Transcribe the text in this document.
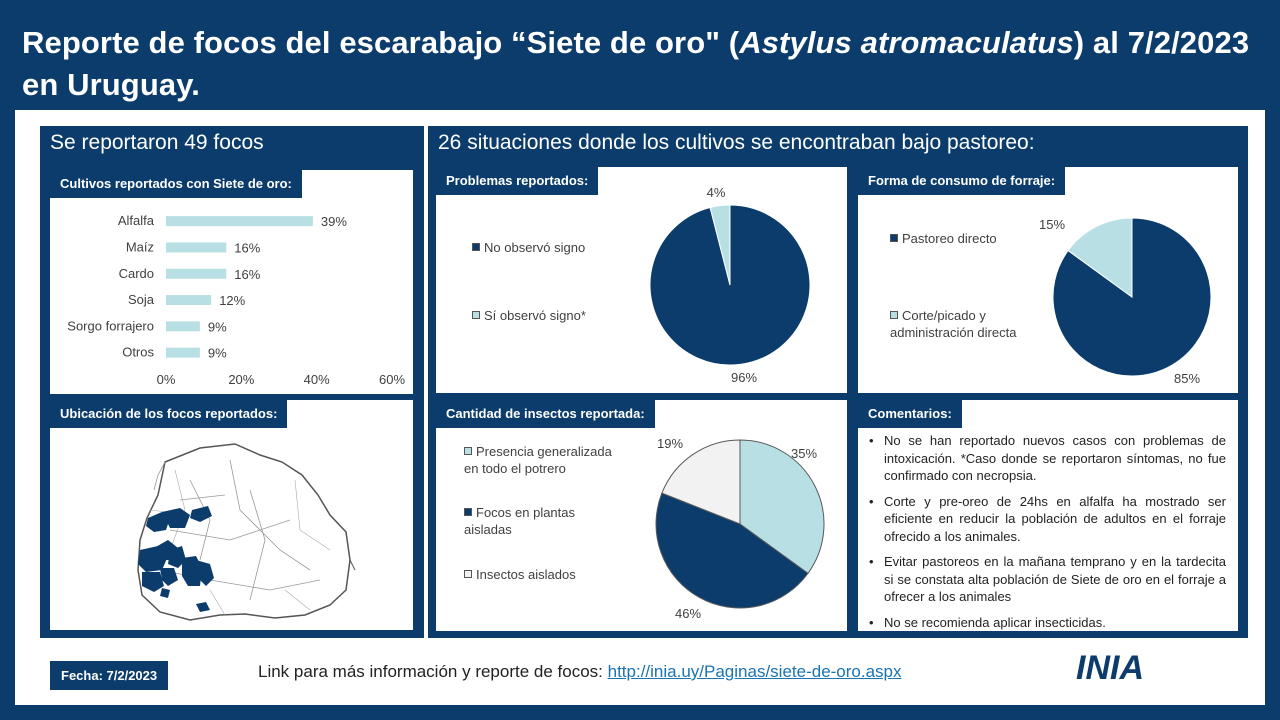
Reporte de focos del escarabajo “Siete de oro" (Astylus atromaculatus) al 7/2/2023 en Uruguay.
Se reportaron 49 focos
Cultivos reportados con Siete de oro:
Alfalfa	39%
Maíz	16%
Cardo	16%
Soja	12%
Sorgo forrajero	9%
Otros	9%
0%	20%	40%	60%
Ubicación de los focos reportados:
26 situaciones donde los cultivos se encontraban bajo pastoreo:
Problemas reportados:
No observó signo
Sí observó signo*
96%
4%
Forma de consumo de forraje:
Pastoreo directo
Corte/picado y administración directa
85%
15%
Cantidad de insectos reportada:
Presencia generalizada en todo el potrero
Focos en plantas aisladas
Insectos aislados
35%
46%
19%
Comentarios:
• No se han reportado nuevos casos con problemas de intoxicación. *Caso donde se reportaron síntomas, no fue confirmado con necropsia.
• Corte y pre-oreo de 24hs en alfalfa ha mostrado ser eficiente en reducir la población de adultos en el forraje ofrecido a los animales.
• Evitar pastoreos en la mañana temprano y en la tardecita si se constata alta población de Siete de oro en el forraje a ofrecer a los animales
• No se recomienda aplicar insecticidas.
Fecha: 7/2/2023	Link para más información y reporte de focos: http://inia.uy/Paginas/siete-de-oro.aspx	INIA
